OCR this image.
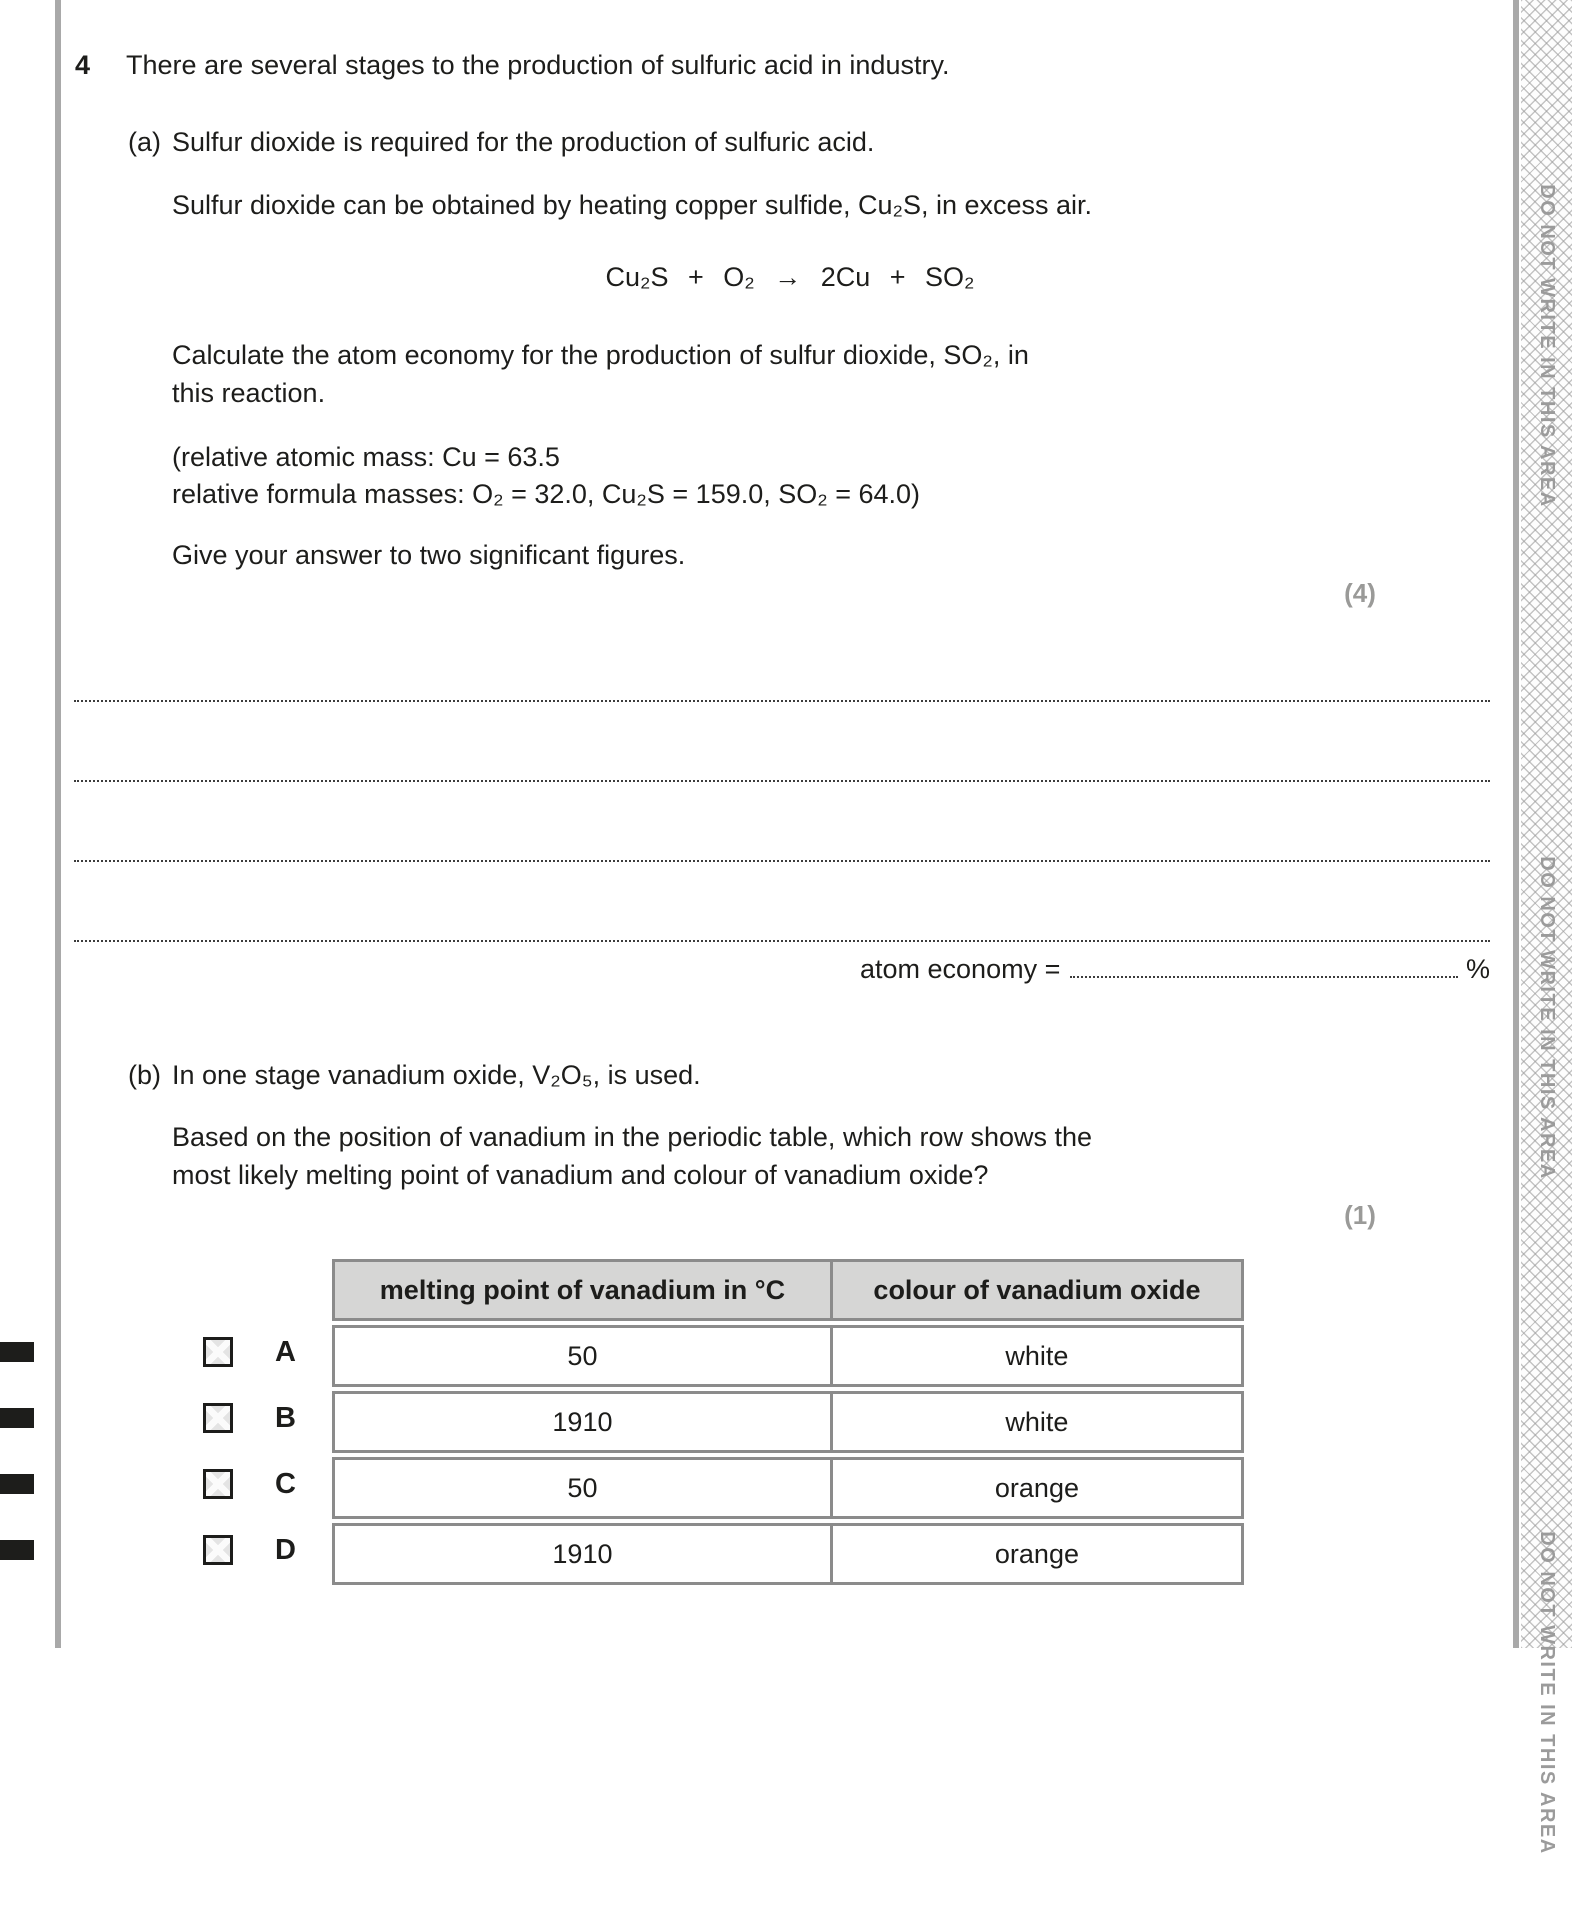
DO NOT WRITE IN THIS AREA
DO NOT WRITE IN THIS AREA
DO NOT WRITE IN THIS AREA
4 There are several stages to the production of sulfuric acid in industry.
(a) Sulfur dioxide is required for the production of sulfuric acid.
Sulfur dioxide can be obtained by heating copper sulfide, Cu₂S, in excess air.
Cu₂S + O₂ → 2Cu + SO₂
Calculate the atom economy for the production of sulfur dioxide, SO₂, in
this reaction.
(relative atomic mass: Cu = 63.5
relative formula masses: O₂ = 32.0, Cu₂S = 159.0, SO₂ = 64.0)
Give your answer to two significant figures.
(4)
atom economy =	%
(b) In one stage vanadium oxide, V₂O₅, is used.
Based on the position of vanadium in the periodic table, which row shows the
most likely melting point of vanadium and colour of vanadium oxide?
(1)
A
B
C
D
melting point of vanadium in °C	colour of vanadium oxide
50	white
1910	white
50	orange
1910	orange
